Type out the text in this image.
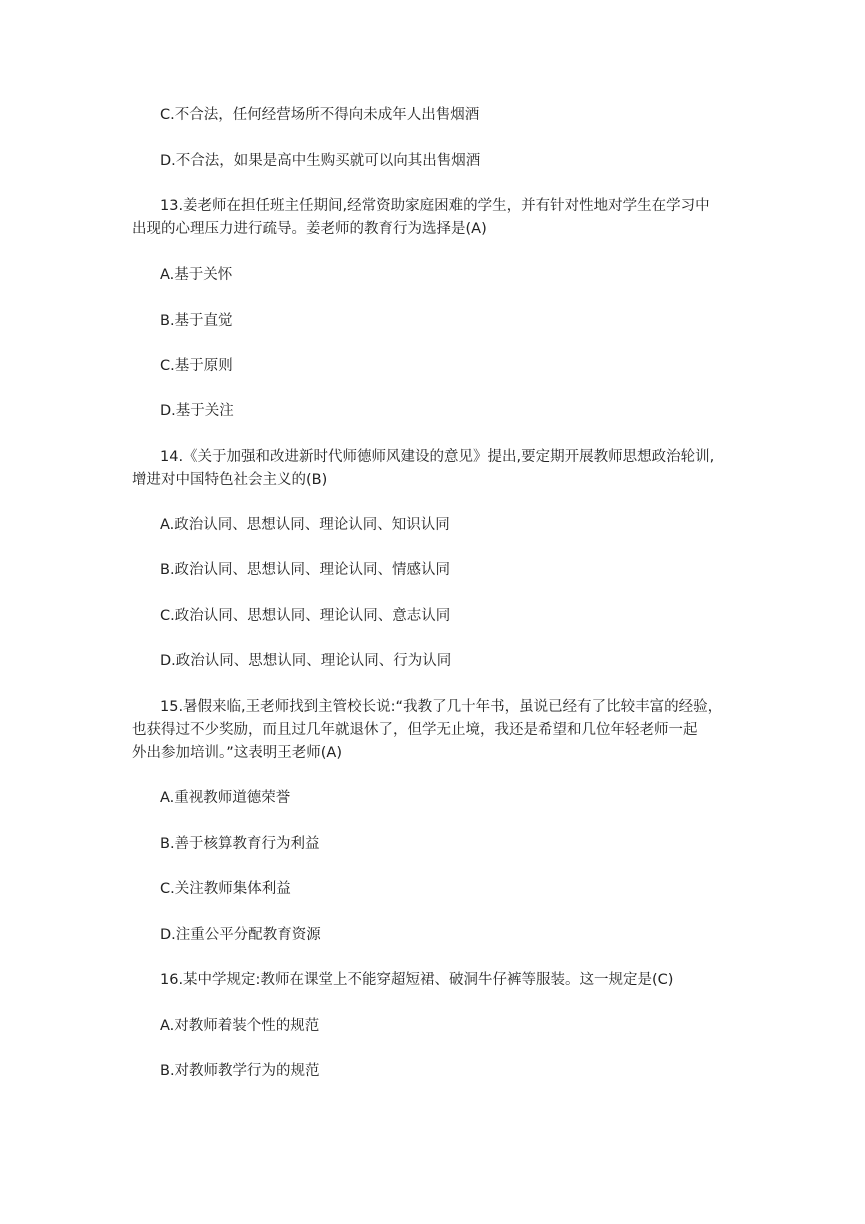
C.不合法，任何经营场所不得向未成年人出售烟酒
D.不合法，如果是高中生购买就可以向其出售烟酒
13.姜老师在担任班主任期间,经常资助家庭困难的学生，并有针对性地对学生在学习中
出现的心理压力进行疏导。姜老师的教育行为选择是(A)
A.基于关怀
B.基于直觉
C.基于原则
D.基于关注
14.《关于加强和改进新时代师德师风建设的意见》提出,要定期开展教师思想政治轮训,
增进对中国特色社会主义的(B)
A.政治认同、思想认同、理论认同、知识认同
B.政治认同、思想认同、理论认同、情感认同
C.政治认同、思想认同、理论认同、意志认同
D.政治认同、思想认同、理论认同、行为认同
15.暑假来临,王老师找到主管校长说:“我教了几十年书，虽说已经有了比较丰富的经验，
也获得过不少奖励，而且过几年就退休了，但学无止境，我还是希望和几位年轻老师一起
外出参加培训。”这表明王老师(A)
A.重视教师道德荣誉
B.善于核算教育行为利益
C.关注教师集体利益
D.注重公平分配教育资源
16.某中学规定:教师在课堂上不能穿超短裙、破洞牛仔裤等服装。这一规定是(C)
A.对教师着装个性的规范
B.对教师教学行为的规范
